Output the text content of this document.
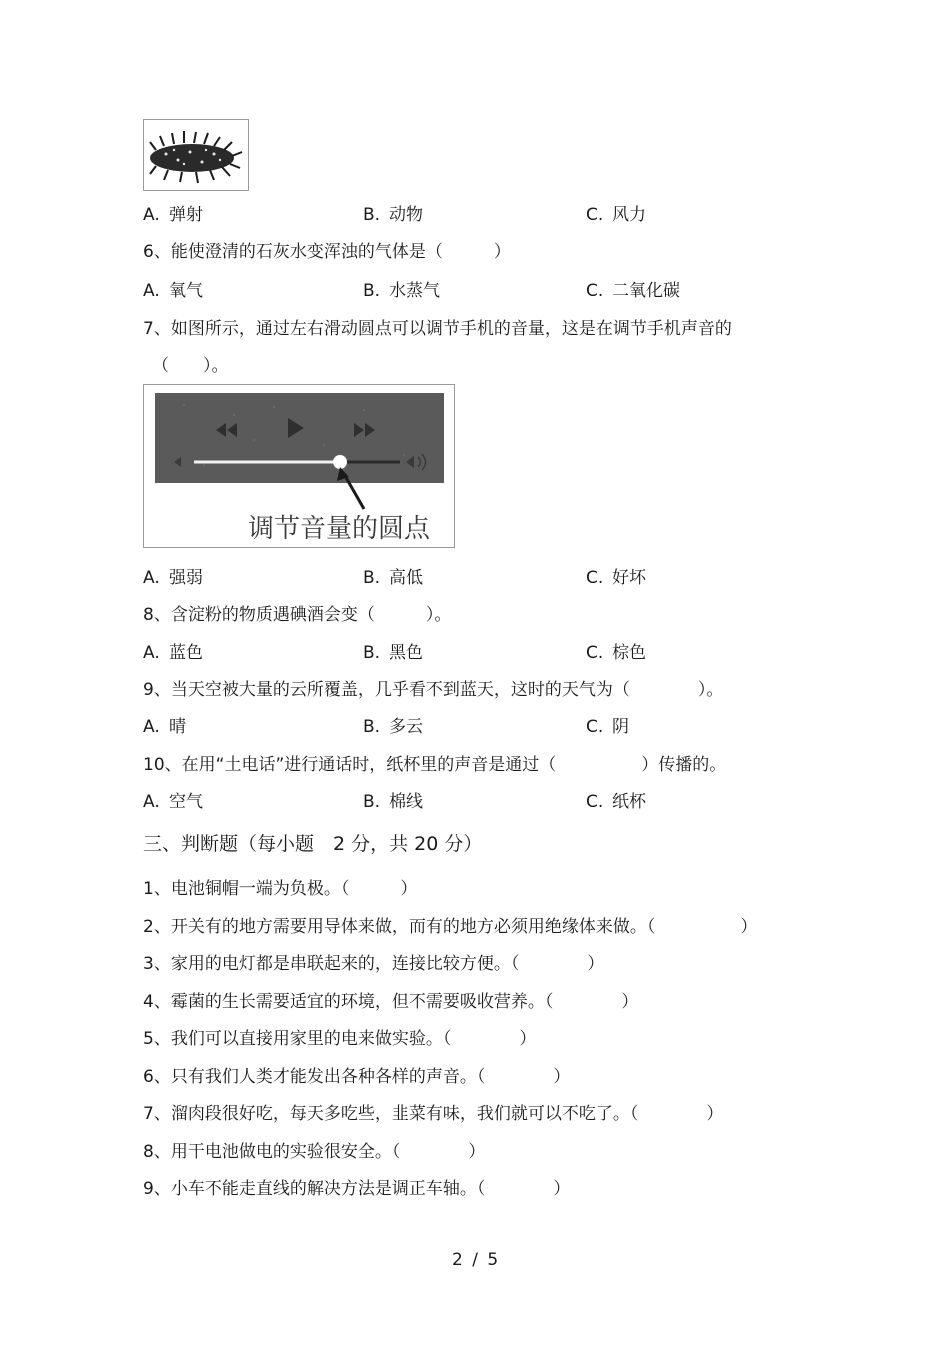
A. 弹射	B. 动物	C. 风力
6、能使澄清的石灰水变浑浊的气体是（　　　）
A. 氧气	B. 水蒸气	C. 二氧化碳
7、如图所示，通过左右滑动圆点可以调节手机的音量，这是在调节手机声音的
（　　）。
调节音量的圆点
A. 强弱	B. 高低	C. 好坏
8、含淀粉的物质遇碘酒会变（　　　）。
A. 蓝色	B. 黑色	C. 棕色
9、当天空被大量的云所覆盖，几乎看不到蓝天，这时的天气为（　　　　）。
A. 晴	B. 多云	C. 阴
10、在用“土电话”进行通话时，纸杯里的声音是通过（　　　　　）传播的。
A. 空气	B. 棉线	C. 纸杯
三、判断题（每小题　2 分，共 20 分）
1、电池铜帽一端为负极。（　　　）
2、开关有的地方需要用导体来做，而有的地方必须用绝缘体来做。（　　　　　）
3、家用的电灯都是串联起来的，连接比较方便。（　　　　）
4、霉菌的生长需要适宜的环境，但不需要吸收营养。（　　　　）
5、我们可以直接用家里的电来做实验。（　　　　）
6、只有我们人类才能发出各种各样的声音。（　　　　）
7、溜肉段很好吃，每天多吃些，韭菜有味，我们就可以不吃了。（　　　　）
8、用干电池做电的实验很安全。（　　　　）
9、小车不能走直线的解决方法是调正车轴。（　　　　）
2 / 5
